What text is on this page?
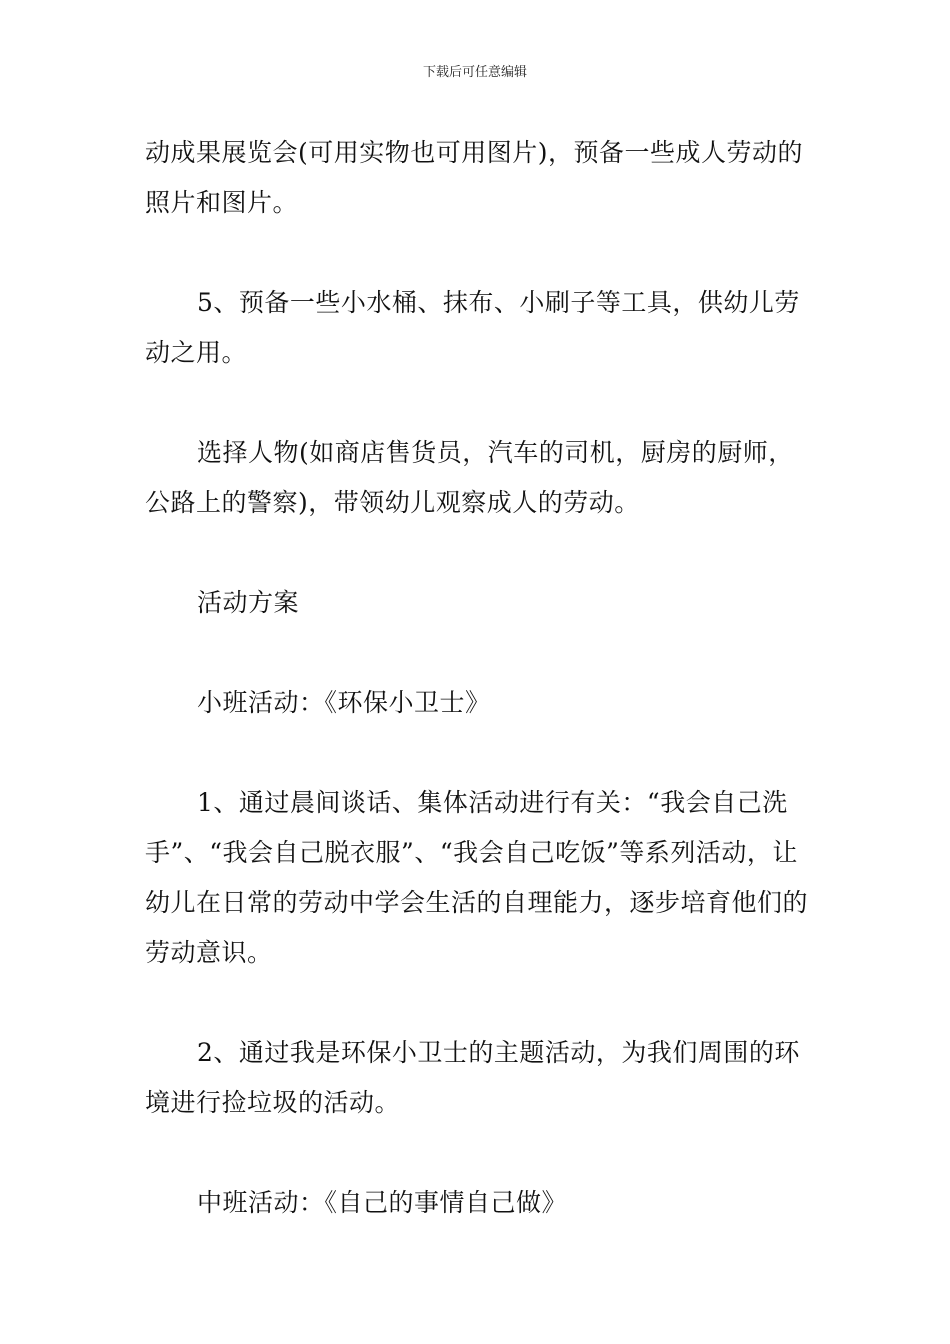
下载后可任意编辑

动成果展览会(可用实物也可用图片)，预备一些成人劳动的照片和图片。

5、预备一些小水桶、抹布、小刷子等工具，供幼儿劳动之用。

选择人物(如商店售货员，汽车的司机，厨房的厨师，公路上的警察)，带领幼儿观察成人的劳动。

活动方案

小班活动：《环保小卫士》

1、通过晨间谈话、集体活动进行有关：“我会自己洗手”、“我会自己脱衣服”、“我会自己吃饭”等系列活动，让幼儿在日常的劳动中学会生活的自理能力，逐步培育他们的劳动意识。

2、通过我是环保小卫士的主题活动，为我们周围的环境进行捡垃圾的活动。

中班活动：《自己的事情自己做》
